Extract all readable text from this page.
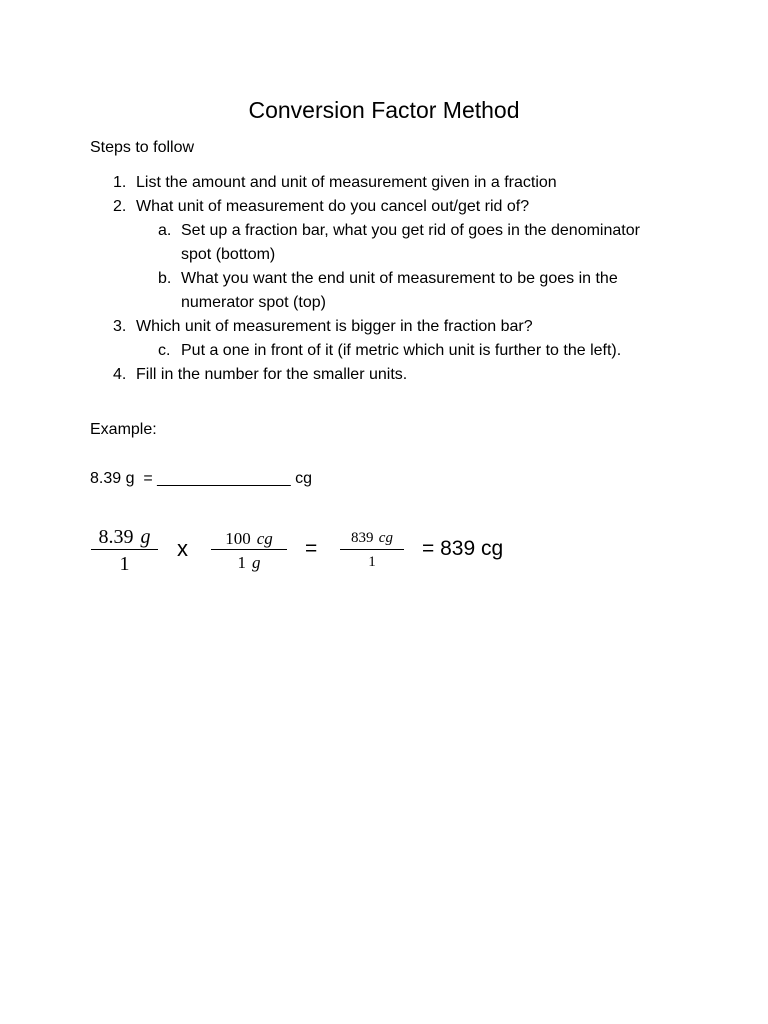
Conversion Factor Method
Steps to follow
1. List the amount and unit of measurement given in a fraction
2. What unit of measurement do you cancel out/get rid of?
a. Set up a fraction bar, what you get rid of goes in the denominator spot (bottom)
b. What you want the end unit of measurement to be goes in the numerator spot (top)
3. Which unit of measurement is bigger in the fraction bar?
c. Put a one in front of it (if metric which unit is further to the left).
4. Fill in the number for the smaller units.
Example:
8.39 g  = _______________ cg
8.39 g
1
x 100 cg
1 g
= 839 cg
1
= 839 cg
